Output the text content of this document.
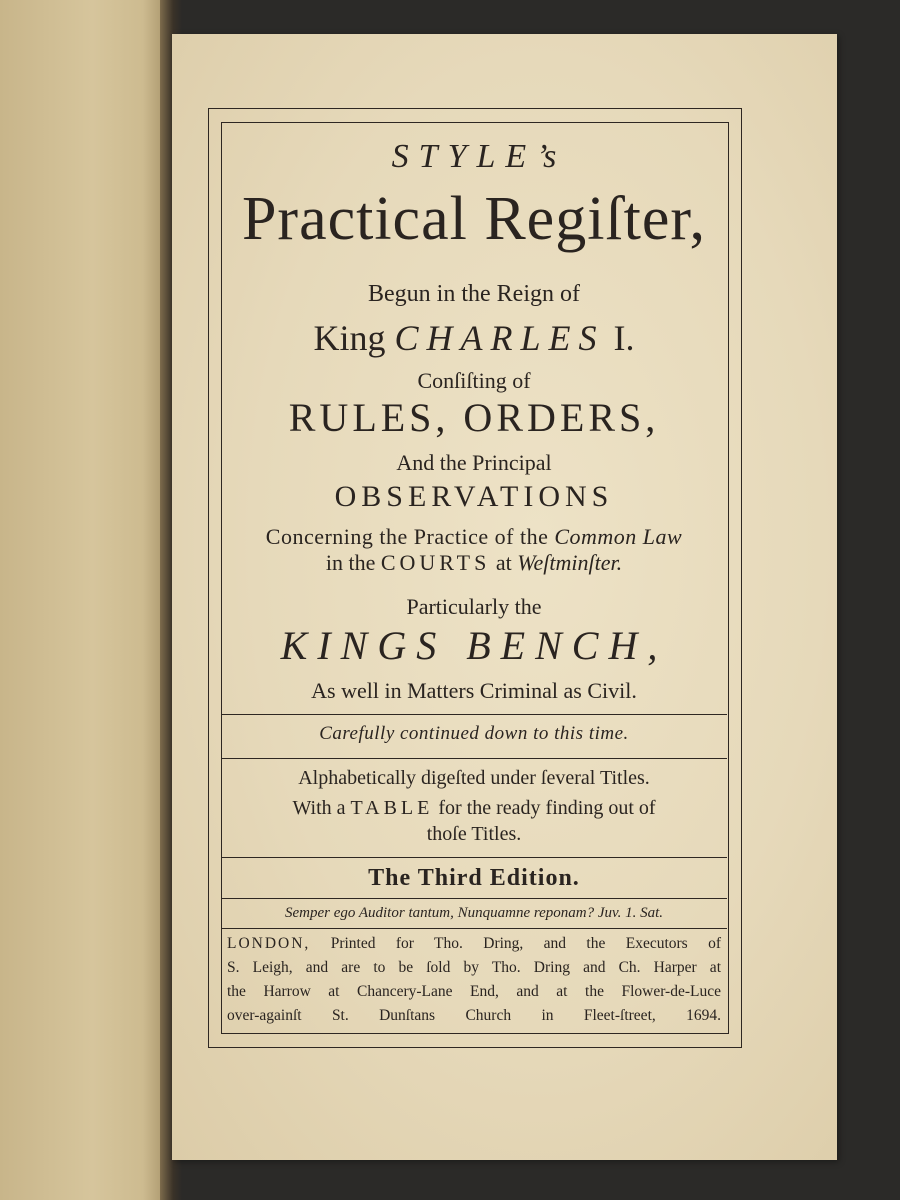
STYLE’s

Practical Regiſter,

Begun in the Reign of

King CHARLES I.

Conſiſting of

RULES, ORDERS,

And the Principal

OBSERVATIONS

Concerning the Practice of the Common Law

in the COURTS at Weſtminſter.

Particularly the

KINGS BENCH,

As well in Matters Criminal as Civil.

Carefully continued down to this time.

Alphabetically digeſted under ſeveral Titles.

With a TABLE for the ready finding out of

thoſe Titles.

The Third Edition.

Semper ego Auditor tantum, Nunquamne reponam? Juv. 1. Sat.

LONDON, Printed for Tho. Dring, and the Executors of

S. Leigh, and are to be ſold by Tho. Dring and Ch. Harper at

the Harrow at Chancery-Lane End, and at the Flower-de-Luce

over-againſt St. Dunſtans Church in Fleet-ſtreet, 1694.
